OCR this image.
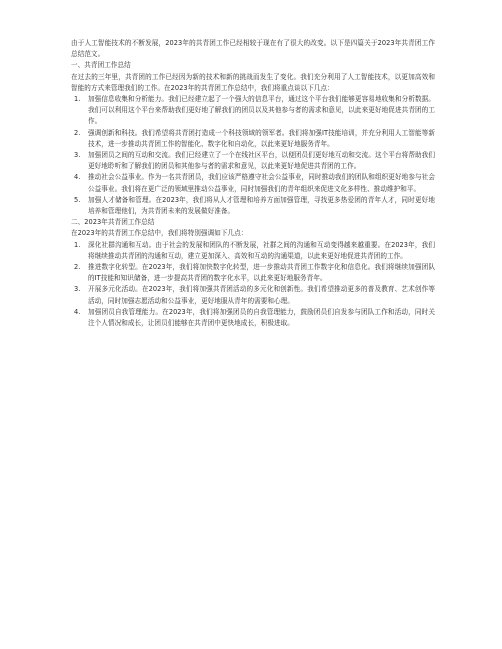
由于人工智能技术的不断发展，2023年的共青团工作已经相较于现在有了很大的改变。以下是四篇关于2023年共青团工作总结范文。

一、共青团工作总结

在过去的三年里，共青团的工作已经因为新的技术和新的挑战而发生了变化。我们充分利用了人工智能技术，以更加高效和智能的方式来管理我们的工作。在2023年的共青团工作总结中，我们将重点谈以下几点：

1. 加强信息收集和分析能力。我们已经建立起了一个强大的信息平台，通过这个平台我们能够更容易地收集和分析数据。我们可以利用这个平台来帮助我们更好地了解我们的团员以及其他参与者的需求和意见，以此来更好地促进共青团的工作。
2. 强调创新和科技。我们希望将共青团打造成一个科技领域的领军者。我们将加强IT技能培训，并充分利用人工智能等新技术，进一步推动共青团工作的智能化、数字化和自动化，以此来更好地服务青年。
3. 加强团员之间的互动和交流。我们已经建立了一个在线社区平台，以便团员们更好地互动和交流。这个平台将帮助我们更好地聆听和了解我们的团员和其他参与者的需求和意见，以此来更好地促进共青团的工作。
4. 推动社会公益事业。作为一名共青团员，我们应该严格遵守社会公益事业，同时推动我们的团队和组织更好地参与社会公益事业。我们将在更广泛的领域里推动公益事业，同时加强我们的青年组织来促进文化多样性、推动维护和平。
5. 加强人才储备和管理。在2023年，我们将从人才管理和培养方面加强管理，寻找更多热爱团的青年人才，同时更好地培养和管理他们，为共青团未来的发展做好准备。

二、2023年共青团工作总结

在2023年的共青团工作总结中，我们将特别强调如下几点：

1. 深化社群沟通和互动。由于社会的发展和团队的不断发展，社群之间的沟通和互动变得越来越重要。在2023年，我们将继续推动共青团的沟通和互动，建立更加深入、高效和互动的沟通渠道，以此来更好地促进共青团的工作。
2. 推进数字化转型。在2023年，我们将加快数字化转型，进一步推动共青团工作数字化和信息化。我们将继续加强团队的IT技能和知识储备，进一步提高共青团的数字化水平，以此来更好地服务青年。
3. 开展多元化活动。在2023年，我们将加强共青团活动的多元化和创新性。我们希望推动更多的普及教育、艺术创作等活动，同时加强志愿活动和公益事业，更好地服从青年的需要和心理。
4. 加强团员自我管理能力。在2023年，我们将加强团员的自我管理能力，鼓励团员们自发参与团队工作和活动，同时关注个人情况和成长，让团员们能够在共青团中更快地成长，积极进取。
